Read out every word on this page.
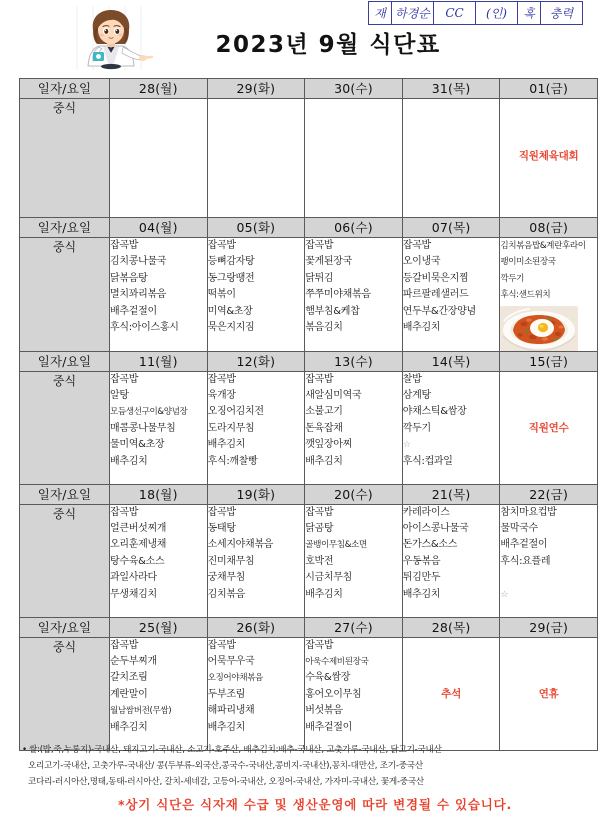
재 하경순 CC (인) 혹 충력
2023년 9월 식단표
일자/요일	28(월)	29(화)	30(수)	31(목)	01(금)
중식					직원체육대회

일자/요일	04(월)	05(화)	06(수)	07(목)	08(금)
중식	잡곡밥
김치콩나물국
닭볶음탕
멸치꽈리볶음
배추겉절이
후식:아이스홍시

잡곡밥
등뼈감자탕
동그랑땡전
떡볶이
미역&초장
묵은지지짐

잡곡밥
꽃게된장국
닭튀김
쭈쭈미야채볶음
햄부침&케찹
볶음김치

잡곡밥
오이냉국
등갈비묵은지찜
파르팔레샐러드
연두부&간장양념
배추김치

김치볶음밥&계란후라이
팽이미소된장국
깍두기
후식:샌드위치

일자/요일	11(월)	12(화)	13(수)	14(목)	15(금)
중식	잡곡밥
알탕
모듬생선구이&양념장
매콤콩나물무침
물미역&초장
배추김치

잡곡밥
육개장
오징어김치전
도라지무침
배추김치
후식:깨찰빵

잡곡밥
새알심미역국
소불고기
돈육잡채
깻잎장아찌
배추김치

찰밥
삼계탕
야채스틱&쌈장
깍두기
☆
후식:컵과일

직원연수

일자/요일	18(월)	19(화)	20(수)	21(목)	22(금)
중식	잡곡밥
얼큰버섯찌개
오리훈제냉채
탕수육&소스
과일사라다
무생채김치

잡곡밥
동태탕
소세지야채볶음
진미채무침
궁채무침
김치볶음

잡곡밥
닭곰탕
골뱅이무침&소면
호박전
시금치무침
배추김치

카레라이스
아이스콩나물국
돈가스&소스
우동볶음
튀김만두
배추김치

참치마요컵밥
물막국수
배추겉절이
후식:요플레

☆

일자/요일	25(월)	26(화)	27(수)	28(목)	29(금)
중식	잡곡밥
순두부찌개
갈치조림
계란말이
월남쌈버전(무쌈)
배추김치

잡곡밥
어묵무우국
오징어야채볶음
두부조림
해파리냉채
배추김치

잡곡밥
아욱수제비된장국
수육&쌈장
홍어오이무침
버섯볶음
배추겉절이

추석	연휴
• 쌀:(밥,죽,누룽지)-국내산, 돼지고기-국내산, 소고기-호주산, 배추김치:배추-국내산, 고춧가루-국내산, 닭고기-국내산
오리고기-국내산, 고춧가루-국내산/ 콩(두부류-외국산,콩국수-국내산,콩비지-국내산),꽁치-대만산, 조기-중국산
코다리-러시아산,명태,동태-러시아산, 갈치-세네갈, 고등어-국내산, 오징어-국내산, 가자미-국내산, 꽃게-중국산
*상기 식단은 식자재 수급 및 생산운영에 따라 변경될 수 있습니다.
